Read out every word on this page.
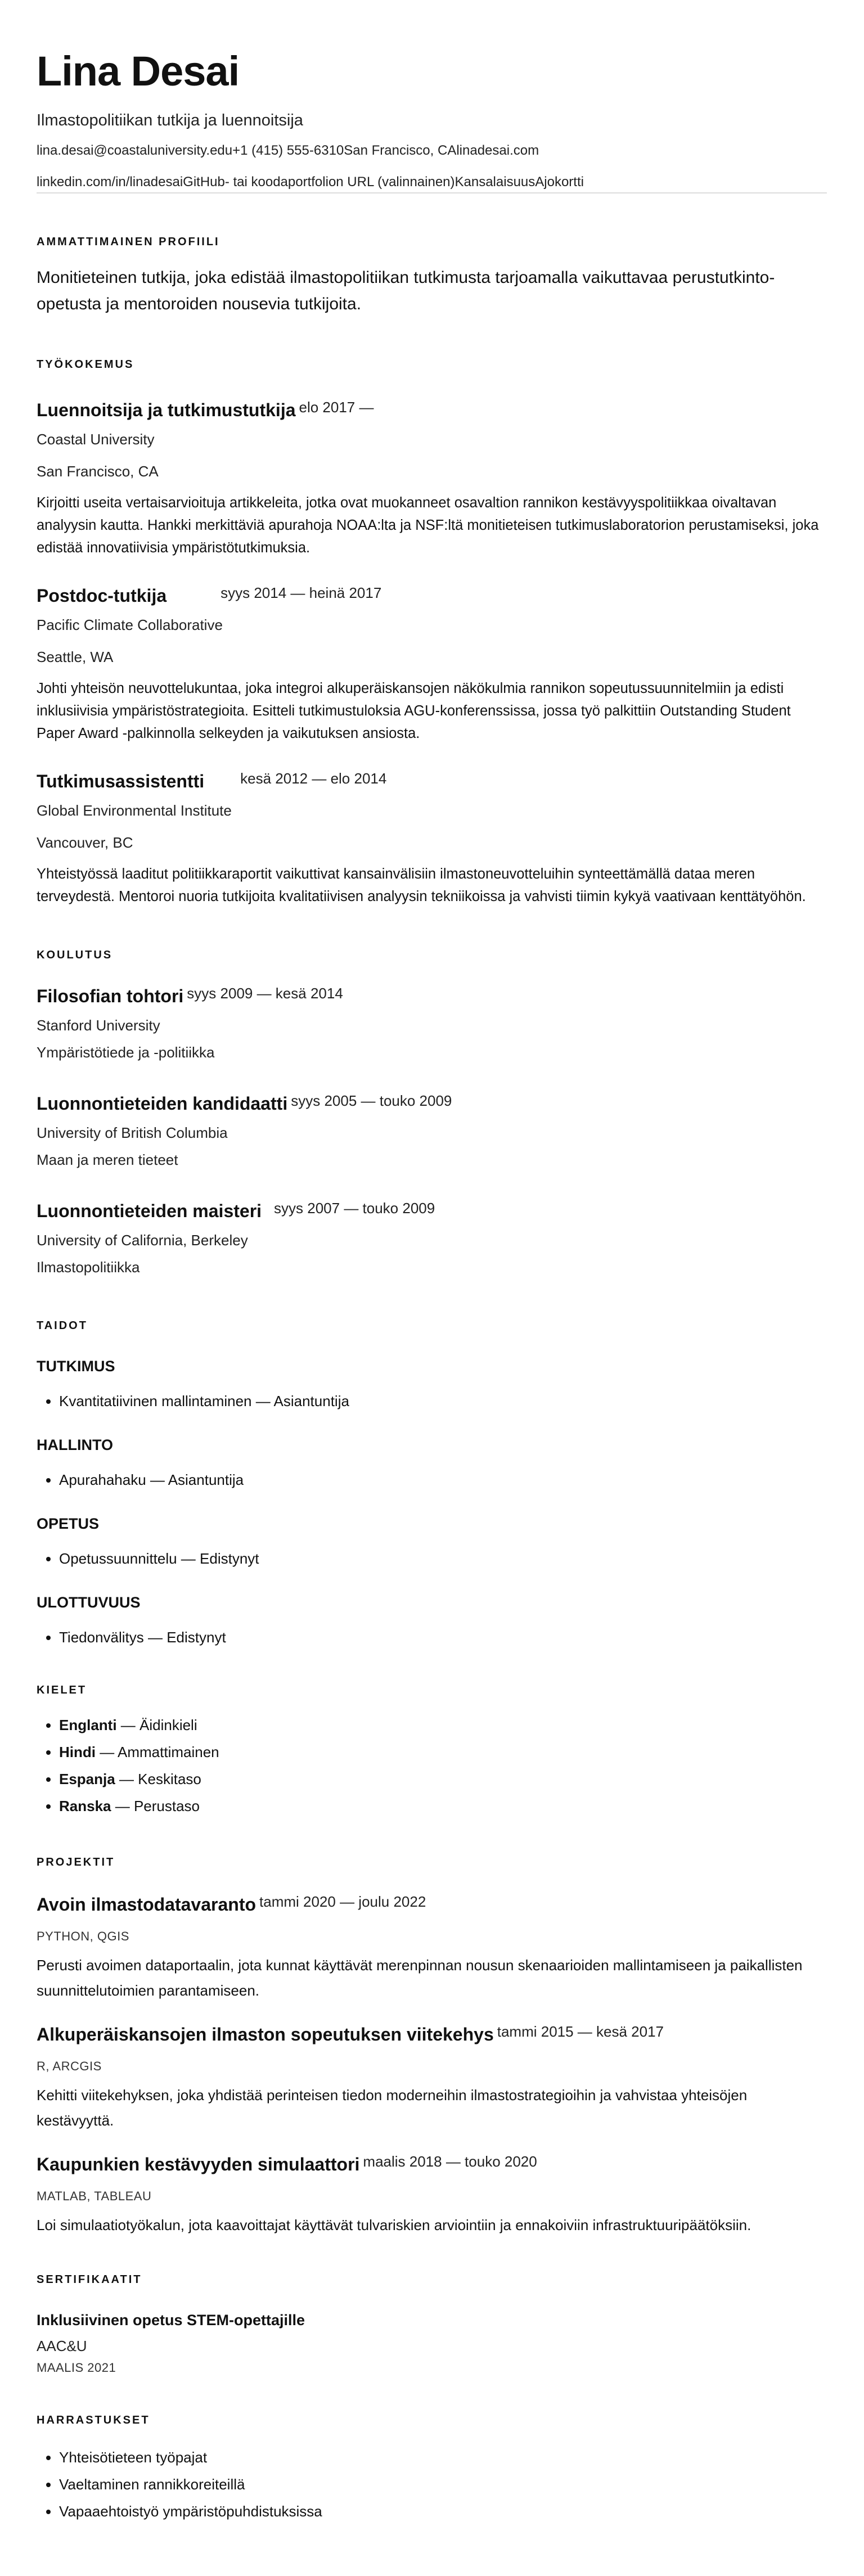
Lina Desai
Ilmastopolitiikan tutkija ja luennoitsija
lina.desai@coastaluniversity.edu+1 (415) 555-6310San Francisco, CAlinadesai.com
linkedin.com/in/linadesaiGitHub- tai koodaportfolion URL (valinnainen)KansalaisuusAjokortti
AMMATTIMAINEN PROFIILI
Monitieteinen tutkija, joka edistää ilmastopolitiikan tutkimusta tarjoamalla vaikuttavaa perustutkinto-opetusta ja mentoroiden nousevia tutkijoita.
TYÖKOKEMUS
Luennoitsija ja tutkimustutkija elo 2017 —
Coastal University
San Francisco, CA
Kirjoitti useita vertaisarvioituja artikkeleita, jotka ovat muokanneet osavaltion rannikon kestävyyspolitiikkaa oivaltavan analyysin kautta. Hankki merkittäviä apurahoja NOAA:lta ja NSF:ltä monitieteisen tutkimuslaboratorion perustamiseksi, joka edistää innovatiivisia ympäristötutkimuksia.
Postdoc-tutkija	syys 2014 — heinä 2017
Pacific Climate Collaborative
Seattle, WA
Johti yhteisön neuvottelukuntaa, joka integroi alkuperäiskansojen näkökulmia rannikon sopeutussuunnitelmiin ja edisti inklusiivisia ympäristöstrategioita. Esitteli tutkimustuloksia AGU-konferenssissa, jossa työ palkittiin Outstanding Student Paper Award -palkinnolla selkeyden ja vaikutuksen ansiosta.
Tutkimusassistentti kesä 2012 — elo 2014
Global Environmental Institute
Vancouver, BC
Yhteistyössä laaditut politiikkaraportit vaikuttivat kansainvälisiin ilmastoneuvotteluihin synteettämällä dataa meren terveydestä. Mentoroi nuoria tutkijoita kvalitatiivisen analyysin tekniikoissa ja vahvisti tiimin kykyä vaativaan kenttätyöhön.
KOULUTUS
Filosofian tohtori syys 2009 — kesä 2014
Stanford University
Ympäristötiede ja -politiikka
Luonnontieteiden kandidaatti syys 2005 — touko 2009
University of British Columbia
Maan ja meren tieteet
Luonnontieteiden maisteri syys 2007 — touko 2009
University of California, Berkeley
Ilmastopolitiikka
TAIDOT
TUTKIMUS
• Kvantitatiivinen mallintaminen — Asiantuntija
HALLINTO
• Apurahahaku — Asiantuntija
OPETUS
• Opetussuunnittelu — Edistynyt
ULOTTUVUUS
• Tiedonvälitys — Edistynyt
KIELET
• Englanti — Äidinkieli
• Hindi — Ammattimainen
• Espanja — Keskitaso
• Ranska — Perustaso
PROJEKTIT
Avoin ilmastodatavaranto tammi 2020 — joulu 2022
PYTHON, QGIS
Perusti avoimen dataportaalin, jota kunnat käyttävät merenpinnan nousun skenaarioiden mallintamiseen ja paikallisten suunnittelutoimien parantamiseen.
Alkuperäiskansojen ilmaston sopeutuksen viitekehys tammi 2015 — kesä 2017
R, ARCGIS
Kehitti viitekehyksen, joka yhdistää perinteisen tiedon moderneihin ilmastostrategioihin ja vahvistaa yhteisöjen kestävyyttä.
Kaupunkien kestävyyden simulaattori maalis 2018 — touko 2020
MATLAB, TABLEAU
Loi simulaatiotyökalun, jota kaavoittajat käyttävät tulvariskien arviointiin ja ennakoiviin infrastruktuuripäätöksiin.
SERTIFIKAATIT
Inklusiivinen opetus STEM-opettajille
AAC&U
MAALIS 2021
HARRASTUKSET
• Yhteisötieteen työpajat
• Vaeltaminen rannikkoreiteillä
• Vapaaehtoistyö ympäristöpuhdistuksissa
